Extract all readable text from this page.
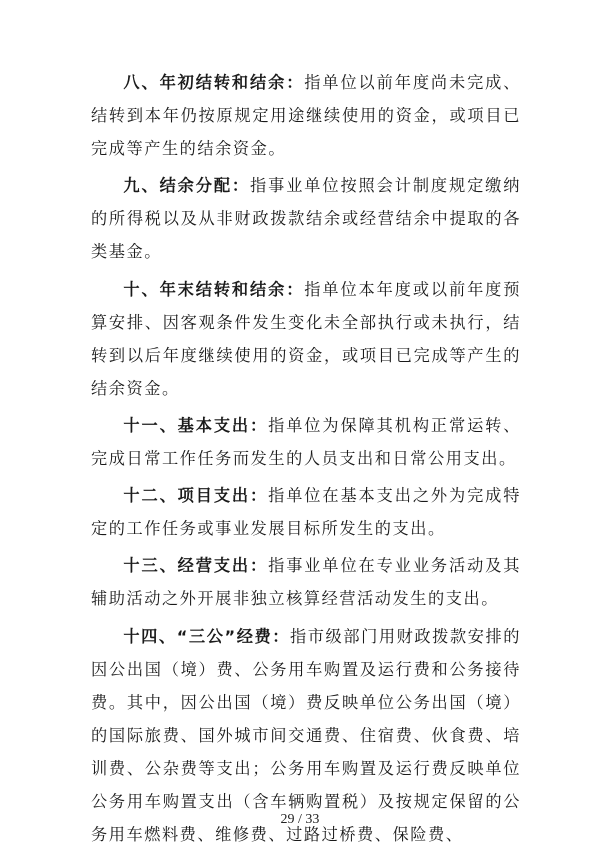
八、年初结转和结余：指单位以前年度尚未完成、结转到本年仍按原规定用途继续使用的资金，或项目已完成等产生的结余资金。

九、结余分配：指事业单位按照会计制度规定缴纳的所得税以及从非财政拨款结余或经营结余中提取的各类基金。

十、年末结转和结余：指单位本年度或以前年度预算安排、因客观条件发生变化未全部执行或未执行，结转到以后年度继续使用的资金，或项目已完成等产生的结余资金。

十一、基本支出：指单位为保障其机构正常运转、完成日常工作任务而发生的人员支出和日常公用支出。

十二、项目支出：指单位在基本支出之外为完成特定的工作任务或事业发展目标所发生的支出。

十三、经营支出：指事业单位在专业业务活动及其辅助活动之外开展非独立核算经营活动发生的支出。

十四、“三公”经费：指市级部门用财政拨款安排的因公出国（境）费、公务用车购置及运行费和公务接待费。其中，因公出国（境）费反映单位公务出国（境）的国际旅费、国外城市间交通费、住宿费、伙食费、培训费、公杂费等支出；公务用车购置及运行费反映单位公务用车购置支出（含车辆购置税）及按规定保留的公务用车燃料费、维修费、过路过桥费、保险费、

29 / 33
